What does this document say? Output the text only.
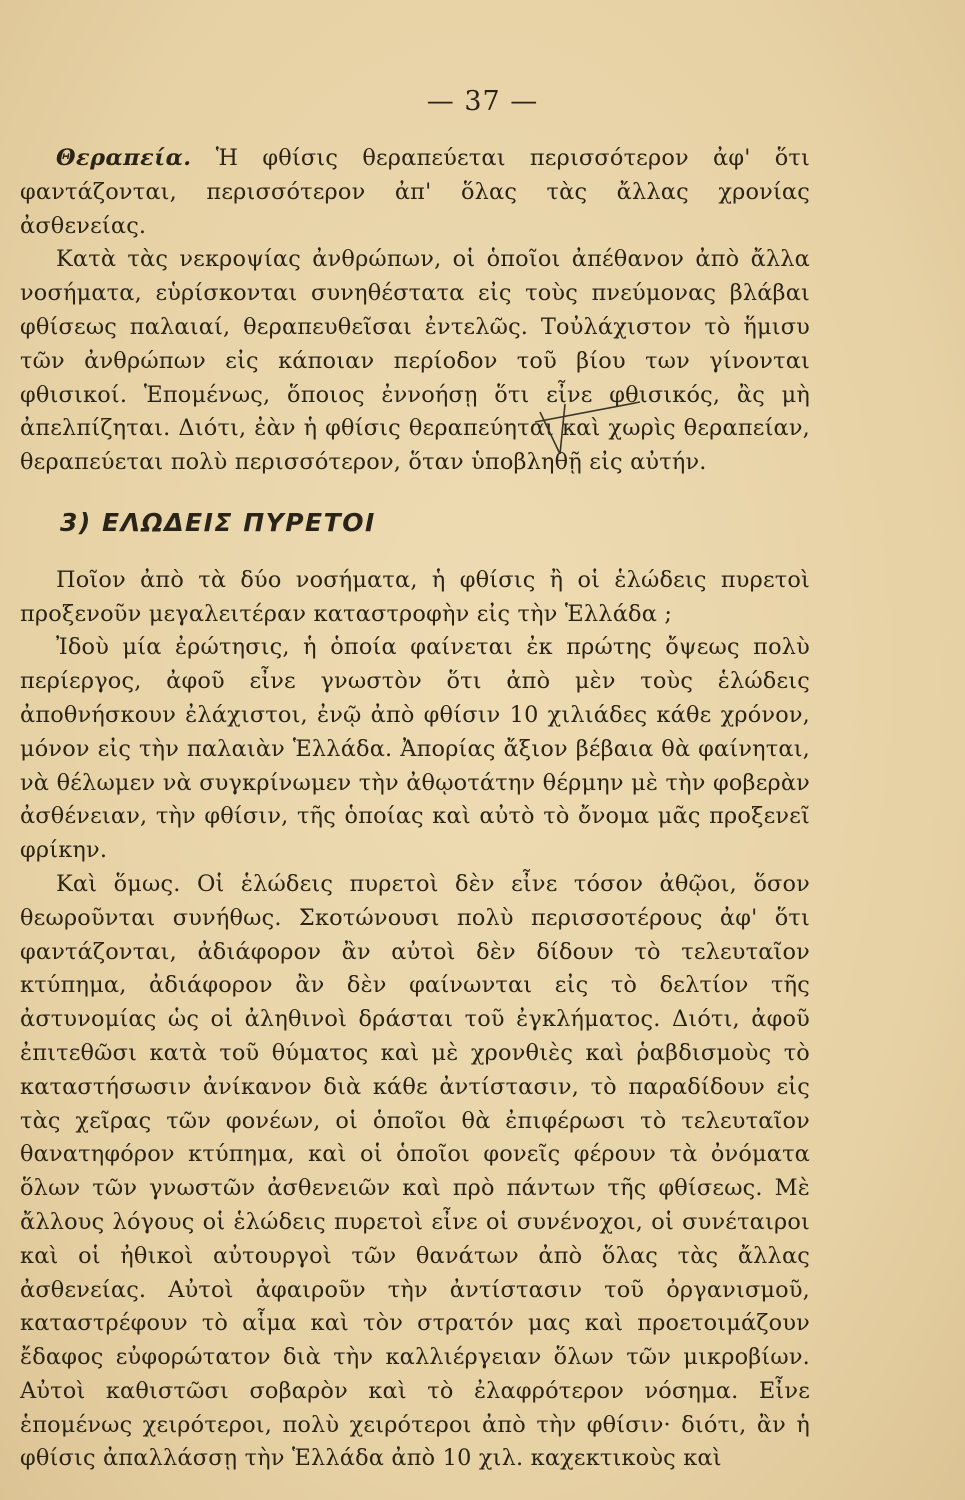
— 37 —

Θεραπεία. Ἡ φθίσις θεραπεύεται περισσότερον ἀφ' ὅτι φαντάζονται, περισσότερον ἀπ' ὅλας τὰς ἄλλας χρονίας ἀσθενείας.

Κατὰ τὰς νεκροψίας ἀνθρώπων, οἱ ὁποῖοι ἀπέθανον ἀπὸ ἄλλα νοσήματα, εὑρίσκονται συνηθέστατα εἰς τοὺς πνεύμονας βλάβαι φθίσεως παλαιαί, θεραπευθεῖσαι ἐντελῶς. Τοὐλάχιστον τὸ ἥμισυ τῶν ἀνθρώπων εἰς κάποιαν περίοδον τοῦ βίου των γίνονται φθισικοί. Ἑπομένως, ὅποιος ἐννοήσῃ ὅτι εἶνε φθισικός, ἂς μὴ ἀπελπίζηται. Διότι, ἐὰν ἡ φθίσις θεραπεύηται καὶ χωρὶς θεραπείαν, θεραπεύεται πολὺ περισσότερον, ὅταν ὑποβληθῇ εἰς αὐτήν.

3) ΕΛΩΔΕΙΣ ΠΥΡΕΤΟΙ

Ποῖον ἀπὸ τὰ δύο νοσήματα, ἡ φθίσις ἢ οἱ ἑλώδεις πυρετοὶ προξενοῦν μεγαλειτέραν καταστροφὴν εἰς τὴν Ἑλλάδα ;

Ἰδοὺ μία ἐρώτησις, ἡ ὁποία φαίνεται ἐκ πρώτης ὄψεως πολὺ περίεργος, ἀφοῦ εἶνε γνωστὸν ὅτι ἀπὸ μὲν τοὺς ἑλώδεις ἀποθνήσκουν ἐλάχιστοι, ἐνῷ ἀπὸ φθίσιν 10 χιλιάδες κάθε χρόνον, μόνον εἰς τὴν παλαιὰν Ἑλλάδα. Ἀπορίας ἄξιον βέβαια θὰ φαίνηται, νὰ θέλωμεν νὰ συγκρίνωμεν τὴν ἀθῳοτάτην θέρμην μὲ τὴν φοβερὰν ἀσθένειαν, τὴν φθίσιν, τῆς ὁποίας καὶ αὐτὸ τὸ ὄνομα μᾶς προξενεῖ φρίκην.

Καὶ ὅμως. Οἱ ἑλώδεις πυρετοὶ δὲν εἶνε τόσον ἀθῷοι, ὅσον θεωροῦνται συνήθως. Σκοτώνουσι πολὺ περισσοτέρους ἀφ' ὅτι φαντάζονται, ἀδιάφορον ἂν αὐτοὶ δὲν δίδουν τὸ τελευταῖον κτύπημα, ἀδιάφορον ἂν δὲν φαίνωνται εἰς τὸ δελτίον τῆς ἀστυνομίας ὡς οἱ ἀληθινοὶ δράσται τοῦ ἐγκλήματος. Διότι, ἀφοῦ ἐπιτεθῶσι κατὰ τοῦ θύματος καὶ μὲ χρονθιὲς καὶ ῥαβδισμοὺς τὸ καταστήσωσιν ἀνίκανον διὰ κάθε ἀντίστασιν, τὸ παραδίδουν εἰς τὰς χεῖρας τῶν φονέων, οἱ ὁποῖοι θὰ ἐπιφέρωσι τὸ τελευταῖον θανατηφόρον κτύπημα, καὶ οἱ ὁποῖοι φονεῖς φέρουν τὰ ὀνόματα ὅλων τῶν γνωστῶν ἀσθενειῶν καὶ πρὸ πάντων τῆς φθίσεως. Μὲ ἄλλους λόγους οἱ ἑλώδεις πυρετοὶ εἶνε οἱ συνένοχοι, οἱ συνέταιροι καὶ οἱ ἠθικοὶ αὐτουργοὶ τῶν θανάτων ἀπὸ ὅλας τὰς ἄλλας ἀσθενείας. Αὐτοὶ ἀφαιροῦν τὴν ἀντίστασιν τοῦ ὀργανισμοῦ, καταστρέφουν τὸ αἷμα καὶ τὸν στρατόν μας καὶ προετοιμάζουν ἔδαφος εὐφορώτατον διὰ τὴν καλλιέργειαν ὅλων τῶν μικροβίων. Αὐτοὶ καθιστῶσι σοβαρὸν καὶ τὸ ἐλαφρότερον νόσημα. Εἶνε ἑπομένως χειρότεροι, πολὺ χειρότεροι ἀπὸ τὴν φθίσιν· διότι, ἂν ἡ φθίσις ἀπαλλάσσῃ τὴν Ἑλλάδα ἀπὸ 10 χιλ. καχεκτικοὺς καὶ
